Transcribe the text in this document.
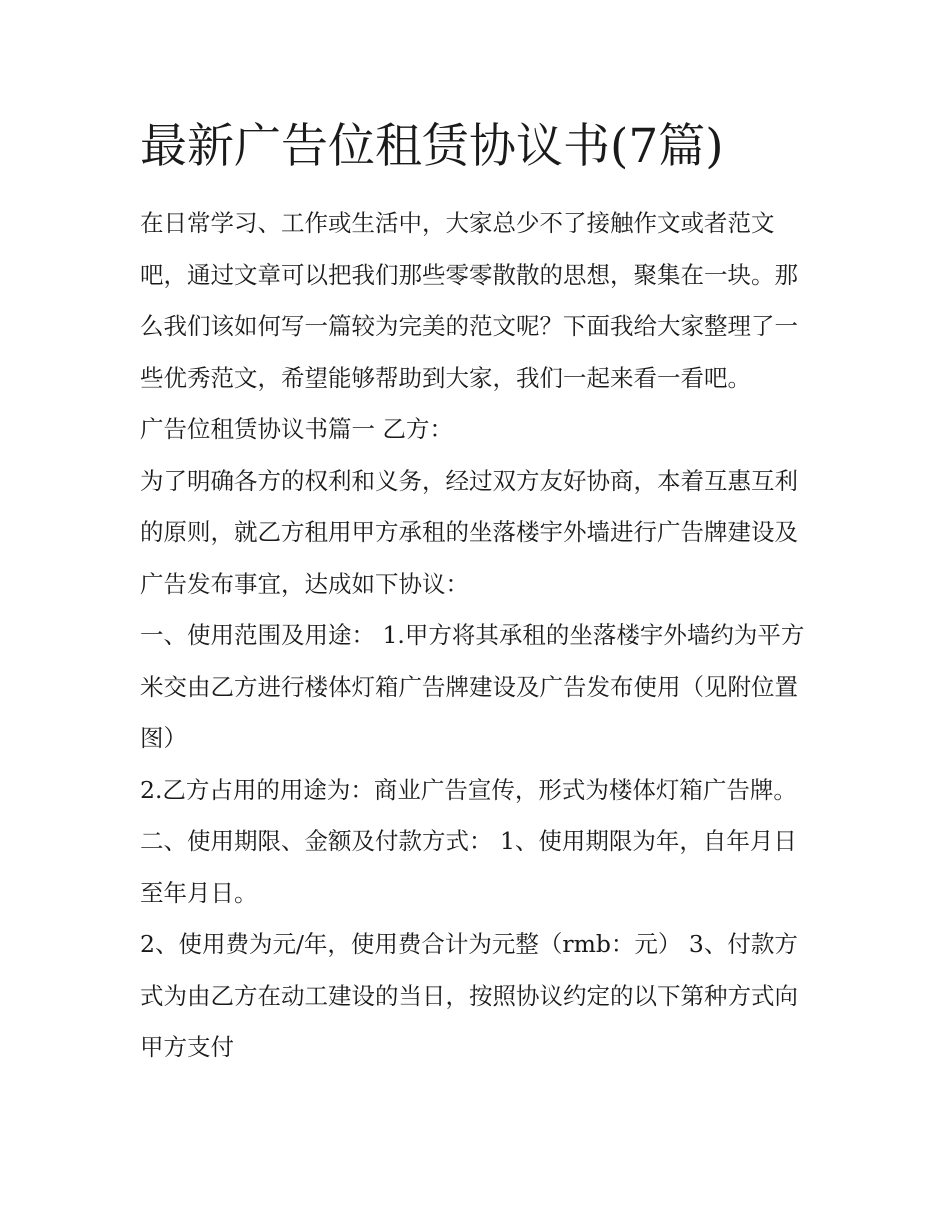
最新广告位租赁协议书(7篇)

在日常学习、工作或生活中，大家总少不了接触作文或者范文吧，通过文章可以把我们那些零零散散的思想，聚集在一块。那么我们该如何写一篇较为完美的范文呢？下面我给大家整理了一些优秀范文，希望能够帮助到大家，我们一起来看一看吧。

广告位租赁协议书篇一 乙方：

为了明确各方的权利和义务，经过双方友好协商，本着互惠互利的原则，就乙方租用甲方承租的坐落楼宇外墙进行广告牌建设及广告发布事宜，达成如下协议：

一、使用范围及用途： 1.甲方将其承租的坐落楼宇外墙约为平方米交由乙方进行楼体灯箱广告牌建设及广告发布使用（见附位置图）

2.乙方占用的用途为：商业广告宣传，形式为楼体灯箱广告牌。 二、使用期限、金额及付款方式： 1、使用期限为年，自年月日至年月日。

2、使用费为元/年，使用费合计为元整（rmb：元） 3、付款方式为由乙方在动工建设的当日，按照协议约定的以下第种方式向甲方支付
